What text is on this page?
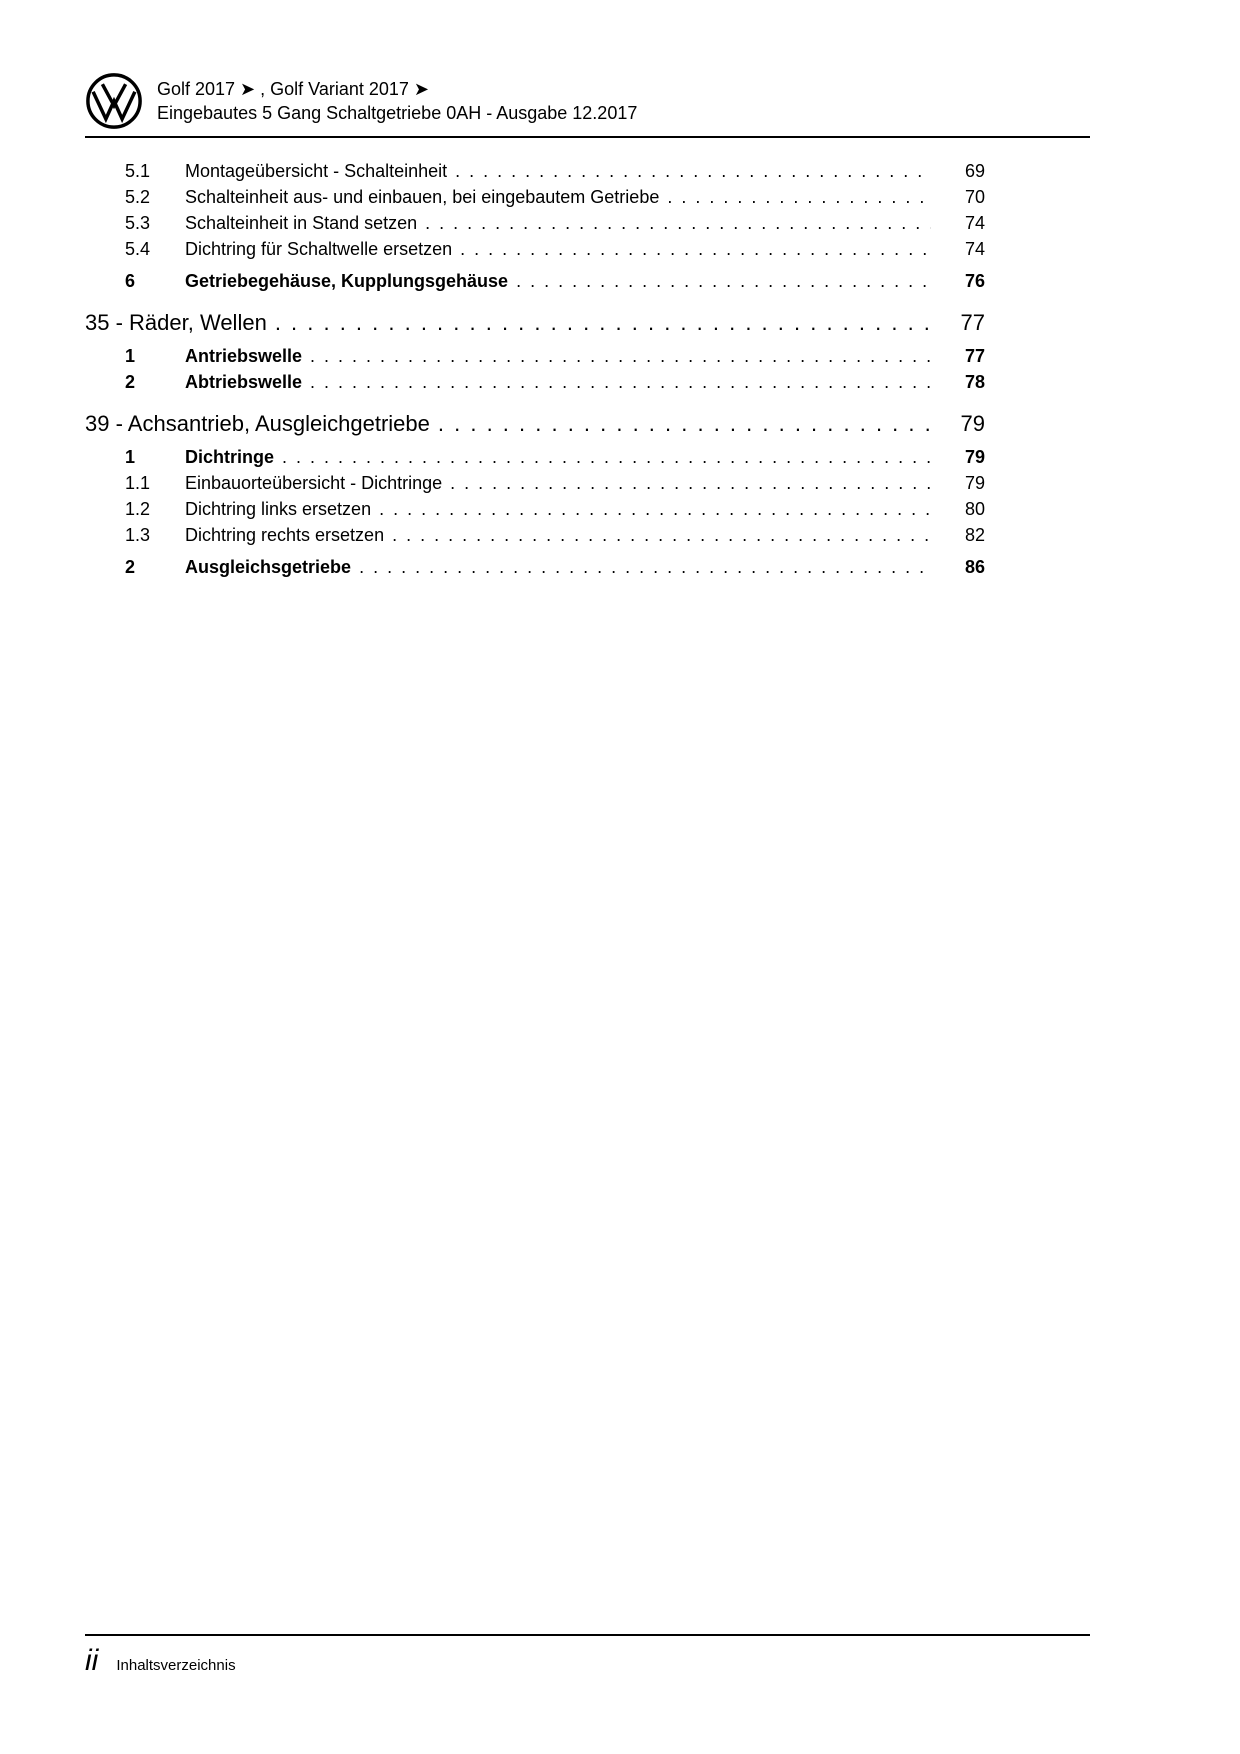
Golf 2017 ➤ , Golf Variant 2017 ➤
Eingebautes 5 Gang Schaltgetriebe 0AH - Ausgabe 12.2017
5.1	Montageübersicht - Schalteinheit . . .	69
5.2	Schalteinheit aus- und einbauen, bei eingebautem Getriebe . . .	70
5.3	Schalteinheit in Stand setzen . . .	74
5.4	Dichtring für Schaltwelle ersetzen . . .	74
6	Getriebegehäuse, Kupplungsgehäuse . . .	76
35 - Räder, Wellen . . .	77
1	Antriebswelle . . .	77
2	Abtriebswelle . . .	78
39 - Achsantrieb, Ausgleichgetriebe . . .	79
1	Dichtringe . . .	79
1.1	Einbauorteübersicht - Dichtringe . . .	79
1.2	Dichtring links ersetzen . . .	80
1.3	Dichtring rechts ersetzen . . .	82
2	Ausgleichsgetriebe . . .	86
ii Inhaltsverzeichnis
